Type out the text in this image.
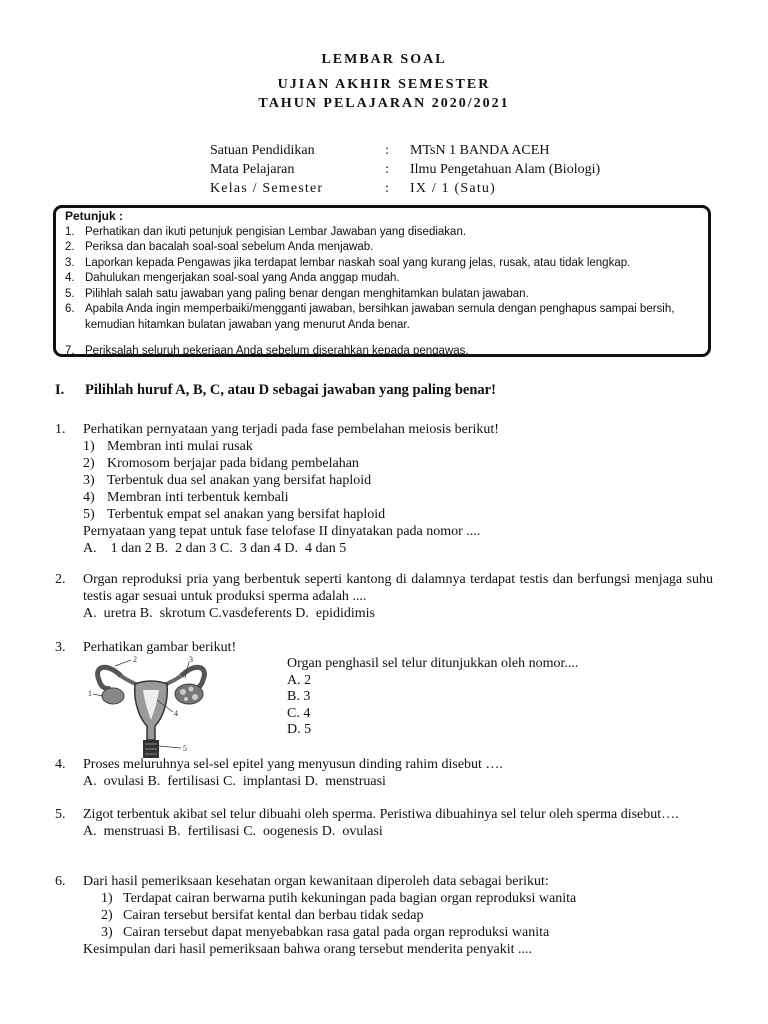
LEMBAR SOAL
UJIAN AKHIR SEMESTER
TAHUN PELAJARAN 2020/2021
Satuan Pendidikan	:	MTsN 1 BANDA ACEH
Mata Pelajaran	:	Ilmu Pengetahuan Alam (Biologi)
Kelas / Semester	:	IX / 1 (Satu)
Petunjuk :
1. Perhatikan dan ikuti petunjuk pengisian Lembar Jawaban yang disediakan.
2. Periksa dan bacalah soal-soal sebelum Anda menjawab.
3. Laporkan kepada Pengawas jika terdapat lembar naskah soal yang kurang jelas, rusak, atau tidak lengkap.
4. Dahulukan mengerjakan soal-soal yang Anda anggap mudah.
5. Pilihlah salah satu jawaban yang paling benar dengan menghitamkan bulatan jawaban.
6. Apabila Anda ingin memperbaiki/mengganti jawaban, bersihkan jawaban semula dengan penghapus sampai bersih, kemudian hitamkan bulatan jawaban yang menurut Anda benar.
7. Periksalah seluruh pekerjaan Anda sebelum diserahkan kepada pengawas.
I.	Pilihlah huruf A, B, C, atau D sebagai jawaban yang paling benar!
1. Perhatikan pernyataan yang terjadi pada fase pembelahan meiosis berikut!
1) Membran inti mulai rusak
2) Kromosom berjajar pada bidang pembelahan
3) Terbentuk dua sel anakan yang bersifat haploid
4) Membran inti terbentuk kembali
5) Terbentuk empat sel anakan yang bersifat haploid
Pernyataan yang tepat untuk fase telofase II dinyatakan pada nomor ....
A.    1 dan 2 B.  2 dan 3 C.  3 dan 4 D.  4 dan 5
2. Organ reproduksi pria yang berbentuk seperti kantong di dalamnya terdapat testis dan berfungsi menjaga suhu testis agar sesuai untuk produksi sperma adalah ....
A.  uretra B.  skrotum C.vasdeferents D.  epididimis
3. Perhatikan gambar berikut!
1
2	3
4
5
Organ penghasil sel telur ditunjukkan oleh nomor....
A. 2
B. 3
C. 4
D. 5
4. Proses meluruhnya sel-sel epitel yang menyusun dinding rahim disebut ….
A.  ovulasi B.  fertilisasi C.  implantasi D.  menstruasi
5. Zigot terbentuk akibat sel telur dibuahi oleh sperma. Peristiwa dibuahinya sel telur oleh sperma disebut….
A.  menstruasi B.  fertilisasi C.  oogenesis D.  ovulasi
6. Dari hasil pemeriksaan kesehatan organ kewanitaan diperoleh data sebagai berikut:
1) Terdapat cairan berwarna putih kekuningan pada bagian organ reproduksi wanita
2) Cairan tersebut bersifat kental dan berbau tidak sedap
3) Cairan tersebut dapat menyebabkan rasa gatal pada organ reproduksi wanita
Kesimpulan dari hasil pemeriksaan bahwa orang tersebut menderita penyakit ....
